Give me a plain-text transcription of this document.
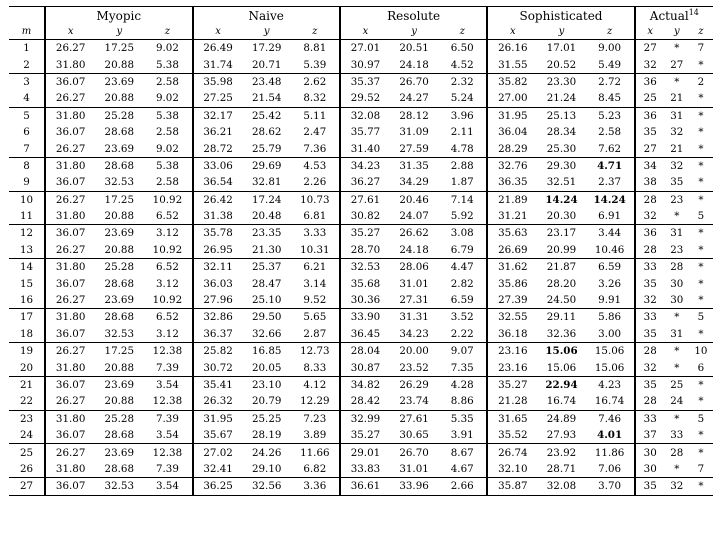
	Myopic			Naive			Resolute			Sophisticated			Actual$^{14}$
m	x	y	z	x	y	z	x	y	z	x	y	z	x	y	z
1	26.27	17.25	9.02	26.49	17.29	8.81	27.01	20.51	6.50	26.16	17.01	9.00	27	*	7
2	31.80	20.88	5.38	31.74	20.71	5.39	30.97	24.18	4.52	31.55	20.52	5.49	32	27	*
3	36.07	23.69	2.58	35.98	23.48	2.62	35.37	26.70	2.32	35.82	23.30	2.72	36	*	2
4	26.27	20.88	9.02	27.25	21.54	8.32	29.52	24.27	5.24	27.00	21.24	8.45	25	21	*
5	31.80	25.28	5.38	32.17	25.42	5.11	32.08	28.12	3.96	31.95	25.13	5.23	36	31	*
6	36.07	28.68	2.58	36.21	28.62	2.47	35.77	31.09	2.11	36.04	28.34	2.58	35	32	*
7	26.27	23.69	9.02	28.72	25.79	7.36	31.40	27.59	4.78	28.29	25.30	7.62	27	21	*
8	31.80	28.68	5.38	33.06	29.69	4.53	34.23	31.35	2.88	32.76	29.30	4.71	34	32	*
9	36.07	32.53	2.58	36.54	32.81	2.26	36.27	34.29	1.87	36.35	32.51	2.37	38	35	*
10	26.27	17.25	10.92	26.42	17.24	10.73	27.61	20.46	7.14	21.89	14.24	14.24	28	23	*
11	31.80	20.88	6.52	31.38	20.48	6.81	30.82	24.07	5.92	31.21	20.30	6.91	32	*	5
12	36.07	23.69	3.12	35.78	23.35	3.33	35.27	26.62	3.08	35.63	23.17	3.44	36	31	*
13	26.27	20.88	10.92	26.95	21.30	10.31	28.70	24.18	6.79	26.69	20.99	10.46	28	23	*
14	31.80	25.28	6.52	32.11	25.37	6.21	32.53	28.06	4.47	31.62	21.87	6.59	33	28	*
15	36.07	28.68	3.12	36.03	28.47	3.14	35.68	31.01	2.82	35.86	28.20	3.26	35	30	*
16	26.27	23.69	10.92	27.96	25.10	9.52	30.36	27.31	6.59	27.39	24.50	9.91	32	30	*
17	31.80	28.68	6.52	32.86	29.50	5.65	33.90	31.31	3.52	32.55	29.11	5.86	33	*	5
18	36.07	32.53	3.12	36.37	32.66	2.87	36.45	34.23	2.22	36.18	32.36	3.00	35	31	*
19	26.27	17.25	12.38	25.82	16.85	12.73	28.04	20.00	9.07	23.16	15.06	15.06	28	*	10
20	31.80	20.88	7.39	30.72	20.05	8.33	30.87	23.52	7.35	23.16	15.06	15.06	32	*	6
21	36.07	23.69	3.54	35.41	23.10	4.12	34.82	26.29	4.28	35.27	22.94	4.23	35	25	*
22	26.27	20.88	12.38	26.32	20.79	12.29	28.42	23.74	8.86	21.28	16.74	16.74	28	24	*
23	31.80	25.28	7.39	31.95	25.25	7.23	32.99	27.61	5.35	31.65	24.89	7.46	33	*	5
24	36.07	28.68	3.54	35.67	28.19	3.89	35.27	30.65	3.91	35.52	27.93	4.01	37	33	*
25	26.27	23.69	12.38	27.02	24.26	11.66	29.01	26.70	8.67	26.74	23.92	11.86	30	28	*
26	31.80	28.68	7.39	32.41	29.10	6.82	33.83	31.01	4.67	32.10	28.71	7.06	30	*	7
27	36.07	32.53	3.54	36.25	32.56	3.36	36.61	33.96	2.66	35.87	32.08	3.70	35	32	*
